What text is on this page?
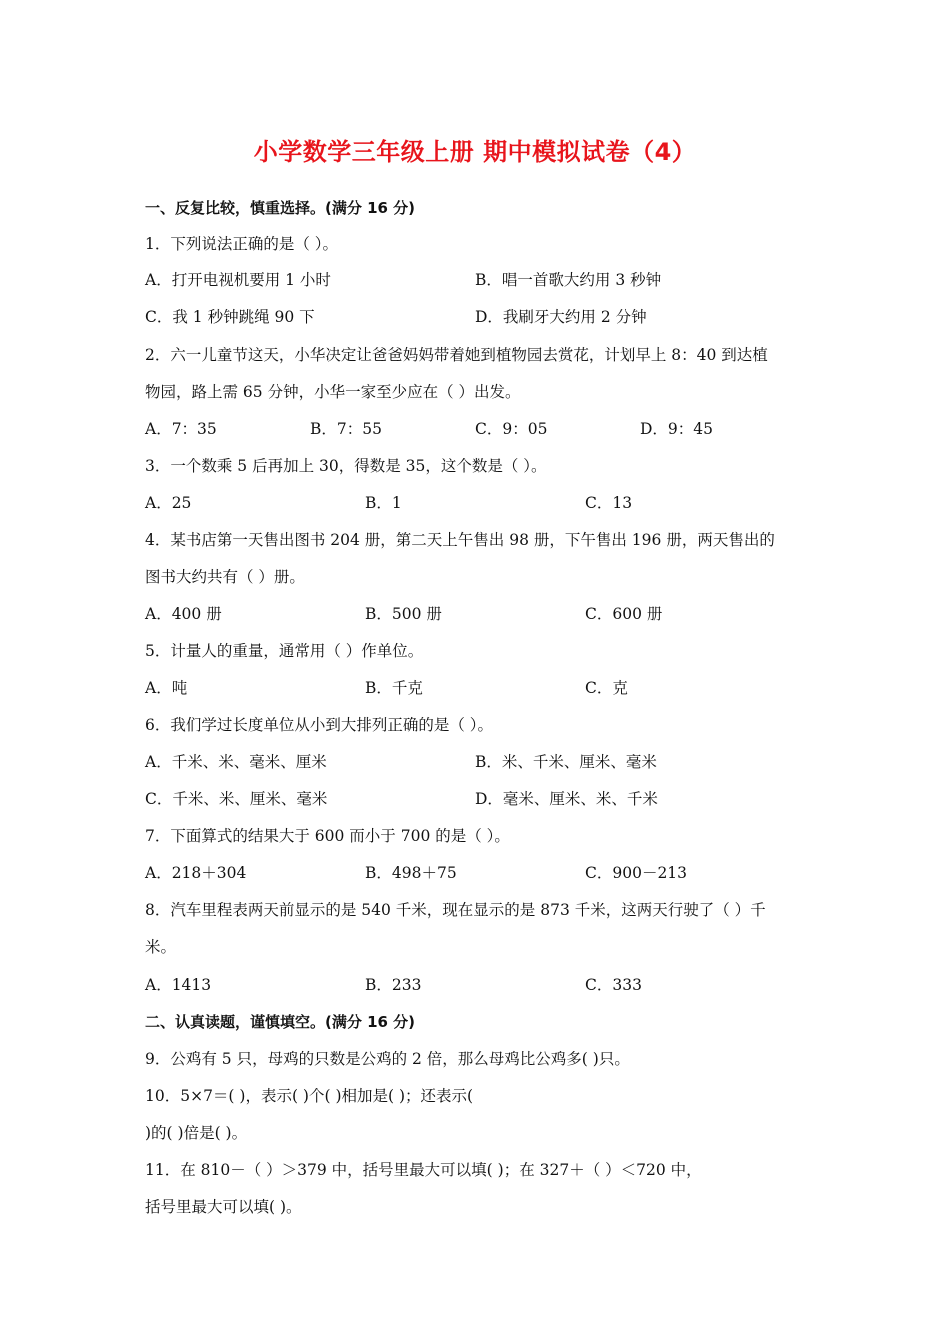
小学数学三年级上册 期中模拟试卷（4）
一、反复比较，慎重选择。(满分 16 分)
1．下列说法正确的是（ ）。
A．打开电视机要用 1 小时	B．唱一首歌大约用 3 秒钟
C．我 1 秒钟跳绳 90 下	D．我刷牙大约用 2 分钟
2．六一儿童节这天，小华决定让爸爸妈妈带着她到植物园去赏花，计划早上 8：40 到达植
物园，路上需 65 分钟，小华一家至少应在（ ）出发。
A．7：35	B．7：55	C．9：05	D．9：45
3．一个数乘 5 后再加上 30，得数是 35，这个数是（ ）。
A．25	B．1	C．13
4．某书店第一天售出图书 204 册，第二天上午售出 98 册，下午售出 196 册，两天售出的
图书大约共有（ ）册。
A．400 册	B．500 册	C．600 册
5．计量人的重量，通常用（ ）作单位。
A．吨	B．千克	C．克
6．我们学过长度单位从小到大排列正确的是（ ）。
A．千米、米、毫米、厘米	B．米、千米、厘米、毫米
C．千米、米、厘米、毫米	D．毫米、厘米、米、千米
7．下面算式的结果大于 600 而小于 700 的是（ ）。
A．218＋304	B．498＋75	C．900－213
8．汽车里程表两天前显示的是 540 千米，现在显示的是 873 千米，这两天行驶了（ ）千
米。
A．1413	B．233	C．333
二、认真读题，谨慎填空。(满分 16 分)
9．公鸡有 5 只，母鸡的只数是公鸡的 2 倍，那么母鸡比公鸡多( )只。
10．5×7＝( )，表示( )个( )相加是( )；还表示(
)的( )倍是( )。
11．在 810－（ ）＞379 中，括号里最大可以填( )；在 327＋（ ）＜720 中，
括号里最大可以填( )。
